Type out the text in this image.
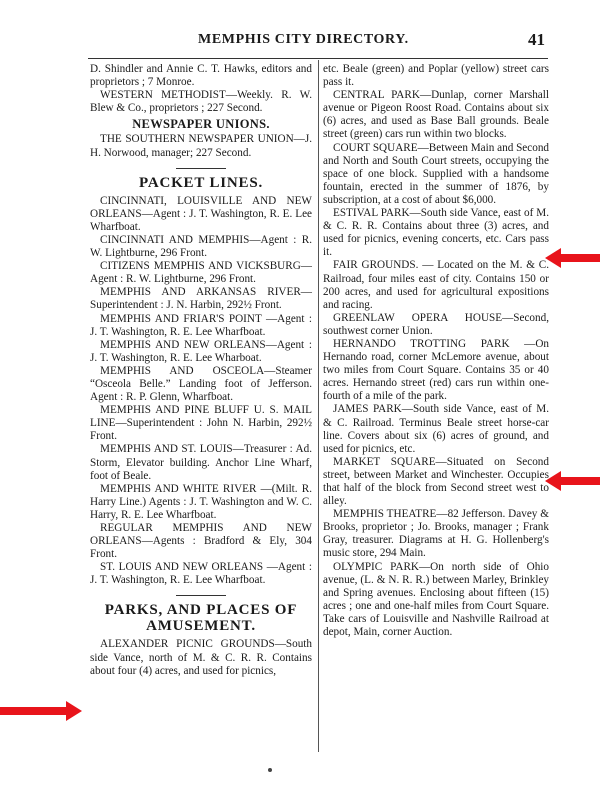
MEMPHIS CITY DIRECTORY.	41

D. Shindler and Annie C. T. Hawks, editors and proprietors ; 7 Monroe.

WESTERN METHODIST—Weekly. R. W. Blew & Co., proprietors ; 227 Second.

NEWSPAPER UNIONS.

THE SOUTHERN NEWSPAPER UNION—J. H. Norwood, manager; 227 Second.

PACKET LINES.

CINCINNATI, LOUISVILLE AND NEW ORLEANS—Agent : J. T. Washington, R. E. Lee Wharfboat.

CINCINNATI AND MEMPHIS—Agent : R. W. Lightburne, 296 Front.

CITIZENS MEMPHIS AND VICKSBURG—Agent : R. W. Lightburne, 296 Front.

MEMPHIS AND ARKANSAS RIVER—Superintendent : J. N. Harbin, 292½ Front.

MEMPHIS AND FRIAR'S POINT —Agent : J. T. Washington, R. E. Lee Wharfboat.

MEMPHIS AND NEW ORLEANS—Agent : J. T. Washington, R. E. Lee Wharboat.

MEMPHIS AND OSCEOLA—Steamer “Osceola Belle.” Landing foot of Jefferson. Agent : R. P. Glenn, Wharfboat.

MEMPHIS AND PINE BLUFF U. S. MAIL LINE—Superintendent : John N. Harbin, 292½ Front.

MEMPHIS AND ST. LOUIS—Treasurer : Ad. Storm, Elevator building. Anchor Line Wharf, foot of Beale.

MEMPHIS AND WHITE RIVER —(Milt. R. Harry Line.) Agents : J. T. Washington and W. C. Harry, R. E. Lee Wharfboat.

REGULAR MEMPHIS AND NEW ORLEANS—Agents : Bradford & Ely, 304 Front.

ST. LOUIS AND NEW ORLEANS —Agent : J. T. Washington, R. E. Lee Wharfboat.

PARKS, AND PLACES OF AMUSEMENT.

ALEXANDER PICNIC GROUNDS—South side Vance, north of M. & C. R. R. Contains about four (4) acres, and used for picnics,

etc. Beale (green) and Poplar (yellow) street cars pass it.

CENTRAL PARK—Dunlap, corner Marshall avenue or Pigeon Roost Road. Contains about six (6) acres, and used as Base Ball grounds. Beale street (green) cars run within two blocks.

COURT SQUARE—Between Main and Second and North and South Court streets, occupying the space of one block. Supplied with a handsome fountain, erected in the summer of 1876, by subscription, at a cost of about $6,000.

ESTIVAL PARK—South side Vance, east of M. & C. R. R. Contains about three (3) acres, and used for picnics, evening concerts, etc. Cars pass it.

FAIR GROUNDS. — Located on the M. & C. Railroad, four miles east of city. Contains 150 or 200 acres, and used for agricultural expositions and racing.

GREENLAW OPERA HOUSE—Second, southwest corner Union.

HERNANDO TROTTING PARK —On Hernando road, corner McLemore avenue, about two miles from Court Square. Contains 35 or 40 acres. Hernando street (red) cars run within one-fourth of a mile of the park.

JAMES PARK—South side Vance, east of M. & C. Railroad. Terminus Beale street horse-car line. Covers about six (6) acres of ground, and used for picnics, etc.

MARKET SQUARE—Situated on Second street, between Market and Winchester. Occupies that half of the block from Second street west to alley.

MEMPHIS THEATRE—82 Jefferson. Davey & Brooks, proprietor ; Jo. Brooks, manager ; Frank Gray, treasurer. Diagrams at H. G. Hollenberg's music store, 294 Main.

OLYMPIC PARK—On north side of Ohio avenue, (L. & N. R. R.) between Marley, Brinkley and Spring avenues. Enclosing about fifteen (15) acres ; one and one-half miles from Court Square. Take cars of Louisville and Nashville Railroad at depot, Main, corner Auction.
